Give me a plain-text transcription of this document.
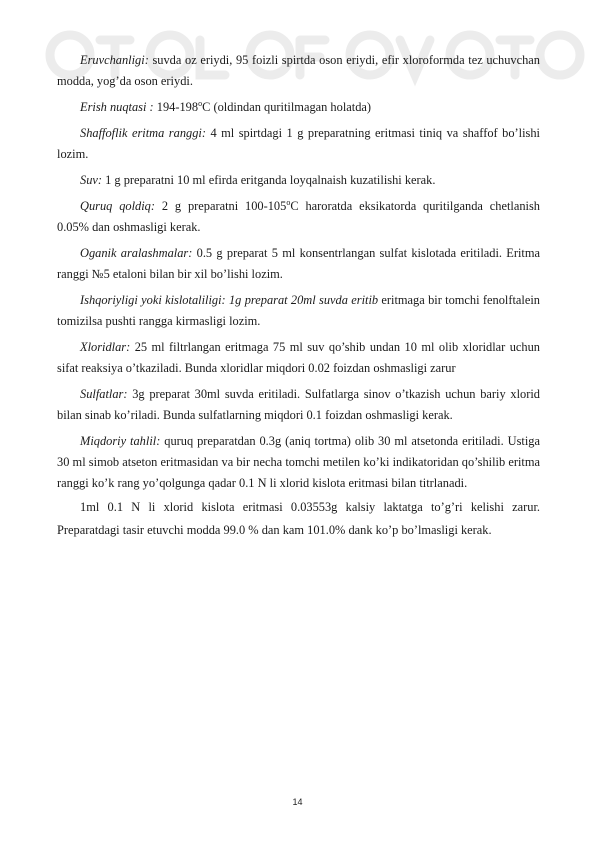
Eruvchanligi: suvda oz eriydi, 95 foizli spirtda oson eriydi, efir xloroformda tez uchuvchan modda, yog’da oson eriydi.

Erish nuqtasi : 194-198$^o$C (oldindan quritilmagan holatda)

Shaffoflik eritma ranggi: 4 ml spirtdagi 1 g preparatning eritmasi tiniq va shaffof bo’lishi lozim.

Suv: 1 g preparatni 10 ml efirda eritganda loyqalnaish kuzatilishi kerak.

Quruq qoldiq: 2 g preparatni 100-105$^o$C haroratda eksikatorda quritilganda chetlanish 0.05% dan oshmasligi kerak.

Oganik aralashmalar: 0.5 g preparat 5 ml konsentrlangan sulfat kislotada eritiladi. Eritma ranggi №5 etaloni bilan bir xil bo’lishi lozim.

Ishqoriyligi yoki kislotaliligi: 1g preparat 20ml suvda eritib eritmaga bir tomchi fenolftalein tomizilsa pushti rangga kirmasligi lozim.

Xloridlar: 25 ml filtrlangan eritmaga 75 ml suv qo’shib undan 10 ml olib xloridlar uchun sifat reaksiya o’tkaziladi. Bunda xloridlar miqdori 0.02 foizdan oshmasligi zarur

Sulfatlar: 3g preparat 30ml suvda eritiladi. Sulfatlarga sinov o’tkazish uchun bariy xlorid bilan sinab ko’riladi. Bunda sulfatlarning miqdori 0.1 foizdan oshmasligi kerak.

Miqdoriy tahlil: quruq preparatdan 0.3g (aniq tortma) olib 30 ml atsetonda eritiladi. Ustiga 30 ml simob atseton eritmasidan va bir necha tomchi metilen ko’ki indikatoridan qo’shilib eritma ranggi ko’k rang yo’qolgunga qadar 0.1 N li xlorid kislota eritmasi bilan titrlanadi.

1ml 0.1 N li xlorid kislota eritmasi 0.03553g kalsiy laktatga to’g’ri kelishi zarur. Preparatdagi tasir etuvchi modda 99.0 % dan kam 101.0% dank ko’p bo’lmasligi kerak.

14
